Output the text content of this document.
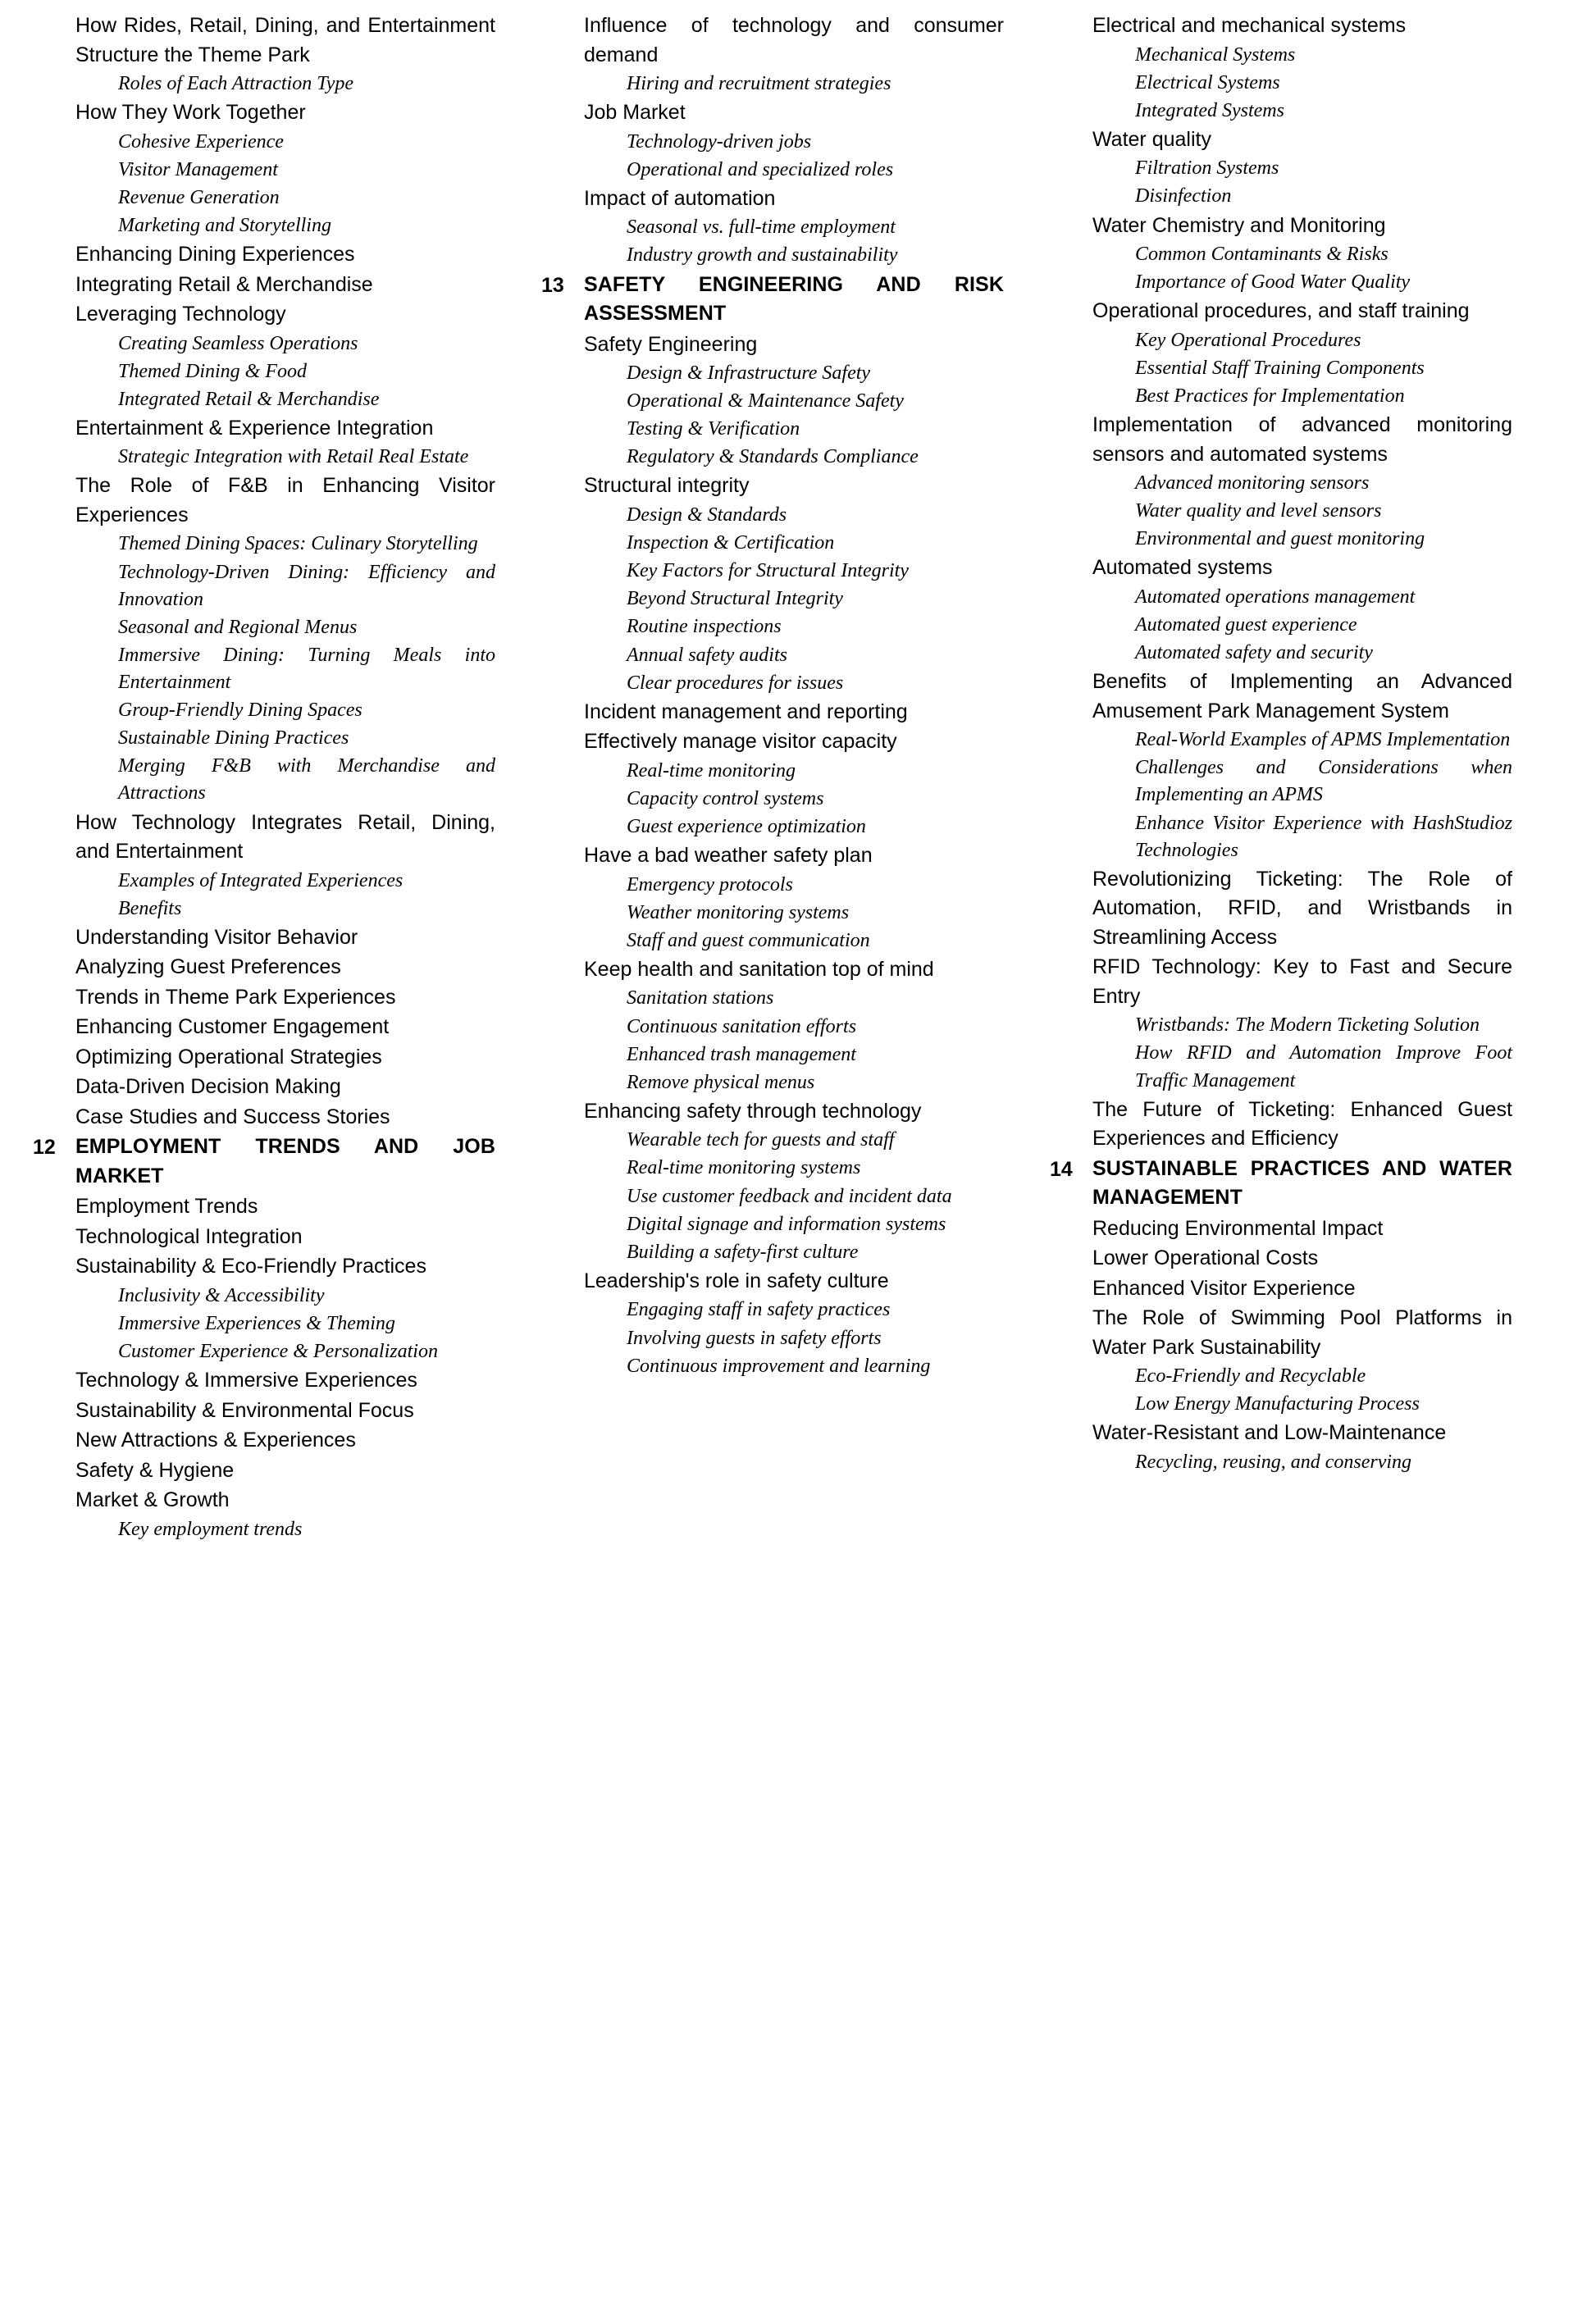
How Rides, Retail, Dining, and Entertainment Structure the Theme Park
Roles of Each Attraction Type
How They Work Together
Cohesive Experience
Visitor Management
Revenue Generation
Marketing and Storytelling
Enhancing Dining Experiences
Integrating Retail & Merchandise
Leveraging Technology
Creating Seamless Operations
Themed Dining & Food
Integrated Retail & Merchandise
Entertainment & Experience Integration
Strategic Integration with Retail Real Estate
The Role of F&B in Enhancing Visitor Experiences
Themed Dining Spaces: Culinary Storytelling
Technology-Driven Dining: Efficiency and Innovation
Seasonal and Regional Menus
Immersive Dining: Turning Meals into Entertainment
Group-Friendly Dining Spaces
Sustainable Dining Practices
Merging F&B with Merchandise and Attractions
How Technology Integrates Retail, Dining, and Entertainment
Examples of Integrated Experiences
Benefits
Understanding Visitor Behavior
Analyzing Guest Preferences
Trends in Theme Park Experiences
Enhancing Customer Engagement
Optimizing Operational Strategies
Data-Driven Decision Making
Case Studies and Success Stories
12 EMPLOYMENT TRENDS AND JOB MARKET
Employment Trends
Technological Integration
Sustainability & Eco-Friendly Practices
Inclusivity & Accessibility
Immersive Experiences & Theming
Customer Experience & Personalization
Technology & Immersive Experiences
Sustainability & Environmental Focus
New Attractions & Experiences
Safety & Hygiene
Market & Growth
Key employment trends
Influence of technology and consumer demand
Hiring and recruitment strategies
Job Market
Technology-driven jobs
Operational and specialized roles
Impact of automation
Seasonal vs. full-time employment
Industry growth and sustainability
13 SAFETY ENGINEERING AND RISK ASSESSMENT
Safety Engineering
Design & Infrastructure Safety
Operational & Maintenance Safety
Testing & Verification
Regulatory & Standards Compliance
Structural integrity
Design & Standards
Inspection & Certification
Key Factors for Structural Integrity
Beyond Structural Integrity
Routine inspections
Annual safety audits
Clear procedures for issues
Incident management and reporting
Effectively manage visitor capacity
Real-time monitoring
Capacity control systems
Guest experience optimization
Have a bad weather safety plan
Emergency protocols
Weather monitoring systems
Staff and guest communication
Keep health and sanitation top of mind
Sanitation stations
Continuous sanitation efforts
Enhanced trash management
Remove physical menus
Enhancing safety through technology
Wearable tech for guests and staff
Real-time monitoring systems
Use customer feedback and incident data
Digital signage and information systems
Building a safety-first culture
Leadership's role in safety culture
Engaging staff in safety practices
Involving guests in safety efforts
Continuous improvement and learning
Electrical and mechanical systems
Mechanical Systems
Electrical Systems
Integrated Systems
Water quality
Filtration Systems
Disinfection
Water Chemistry and Monitoring
Common Contaminants & Risks
Importance of Good Water Quality
Operational procedures, and staff training
Key Operational Procedures
Essential Staff Training Components
Best Practices for Implementation
Implementation of advanced monitoring sensors and automated systems
Advanced monitoring sensors
Water quality and level sensors
Environmental and guest monitoring
Automated systems
Automated operations management
Automated guest experience
Automated safety and security
Benefits of Implementing an Advanced Amusement Park Management System
Real-World Examples of APMS Implementation
Challenges and Considerations when Implementing an APMS
Enhance Visitor Experience with HashStudioz Technologies
Revolutionizing Ticketing: The Role of Automation, RFID, and Wristbands in Streamlining Access
RFID Technology: Key to Fast and Secure Entry
Wristbands: The Modern Ticketing Solution
How RFID and Automation Improve Foot Traffic Management
The Future of Ticketing: Enhanced Guest Experiences and Efficiency
14 SUSTAINABLE PRACTICES AND WATER MANAGEMENT
Reducing Environmental Impact
Lower Operational Costs
Enhanced Visitor Experience
The Role of Swimming Pool Platforms in Water Park Sustainability
Eco-Friendly and Recyclable
Low Energy Manufacturing Process
Water-Resistant and Low-Maintenance
Recycling, reusing, and conserving
